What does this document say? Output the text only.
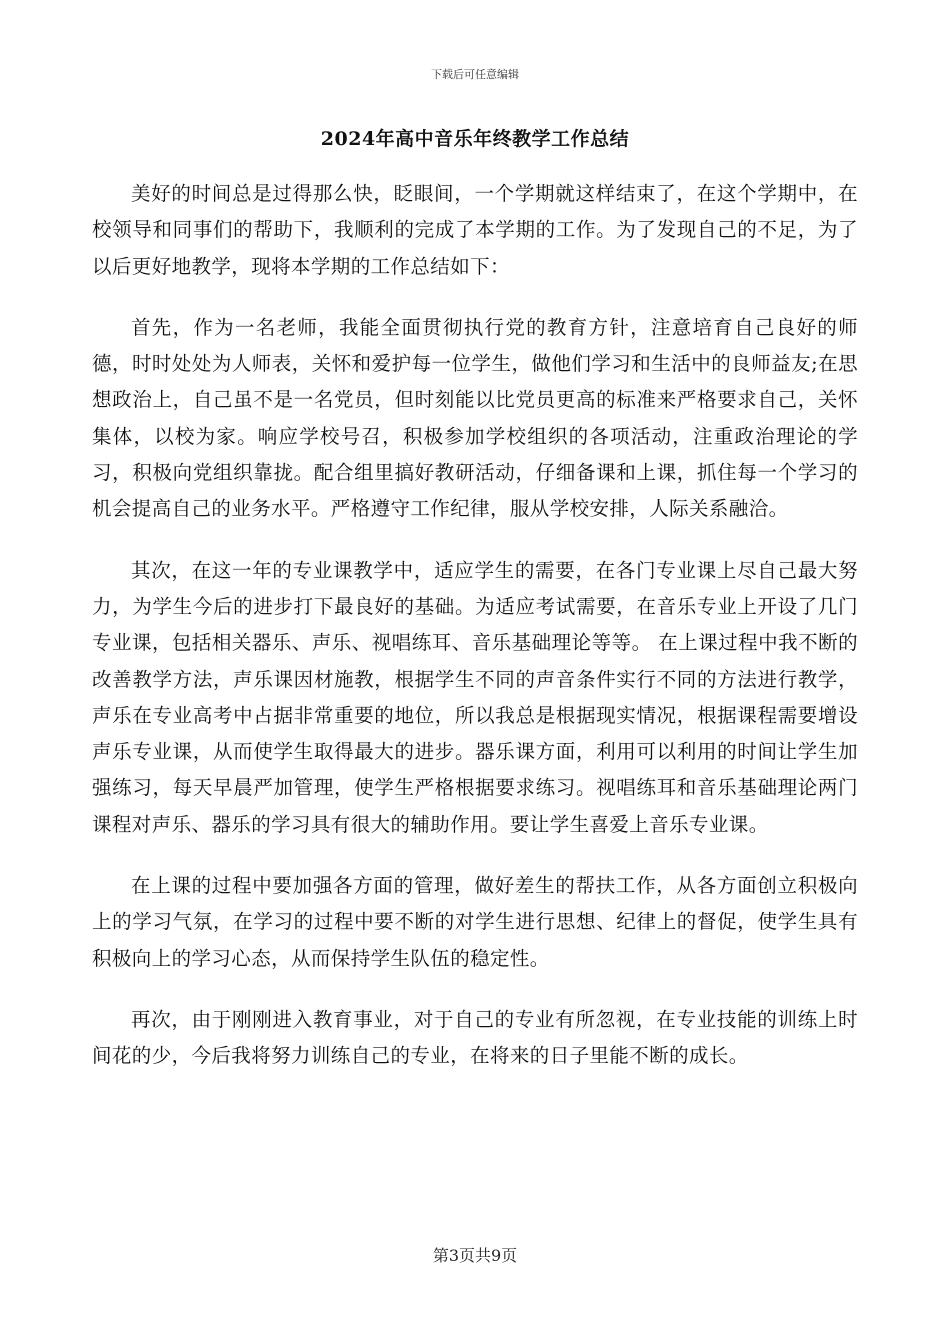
下载后可任意编辑
2024年高中音乐年终教学工作总结

美好的时间总是过得那么快，眨眼间，一个学期就这样结束了，在这个学期中，在校领导和同事们的帮助下，我顺利的完成了本学期的工作。为了发现自己的不足，为了以后更好地教学，现将本学期的工作总结如下：

首先，作为一名老师，我能全面贯彻执行党的教育方针，注意培育自己良好的师德，时时处处为人师表，关怀和爱护每一位学生，做他们学习和生活中的良师益友;在思想政治上，自己虽不是一名党员，但时刻能以比党员更高的标准来严格要求自己，关怀集体，以校为家。响应学校号召，积极参加学校组织的各项活动，注重政治理论的学习，积极向党组织靠拢。配合组里搞好教研活动，仔细备课和上课，抓住每一个学习的机会提高自己的业务水平。严格遵守工作纪律，服从学校安排，人际关系融洽。

其次，在这一年的专业课教学中，适应学生的需要，在各门专业课上尽自己最大努力，为学生今后的进步打下最良好的基础。为适应考试需要，在音乐专业上开设了几门专业课，包括相关器乐、声乐、视唱练耳、音乐基础理论等等。 在上课过程中我不断的改善教学方法，声乐课因材施教，根据学生不同的声音条件实行不同的方法进行教学，声乐在专业高考中占据非常重要的地位，所以我总是根据现实情况，根据课程需要增设声乐专业课，从而使学生取得最大的进步。器乐课方面，利用可以利用的时间让学生加强练习，每天早晨严加管理，使学生严格根据要求练习。视唱练耳和音乐基础理论两门课程对声乐、器乐的学习具有很大的辅助作用。要让学生喜爱上音乐专业课。

在上课的过程中要加强各方面的管理，做好差生的帮扶工作，从各方面创立积极向上的学习气氛，在学习的过程中要不断的对学生进行思想、纪律上的督促，使学生具有积极向上的学习心态，从而保持学生队伍的稳定性。

再次，由于刚刚进入教育事业，对于自己的专业有所忽视，在专业技能的训练上时间花的少，今后我将努力训练自己的专业，在将来的日子里能不断的成长。

第3页共9页
